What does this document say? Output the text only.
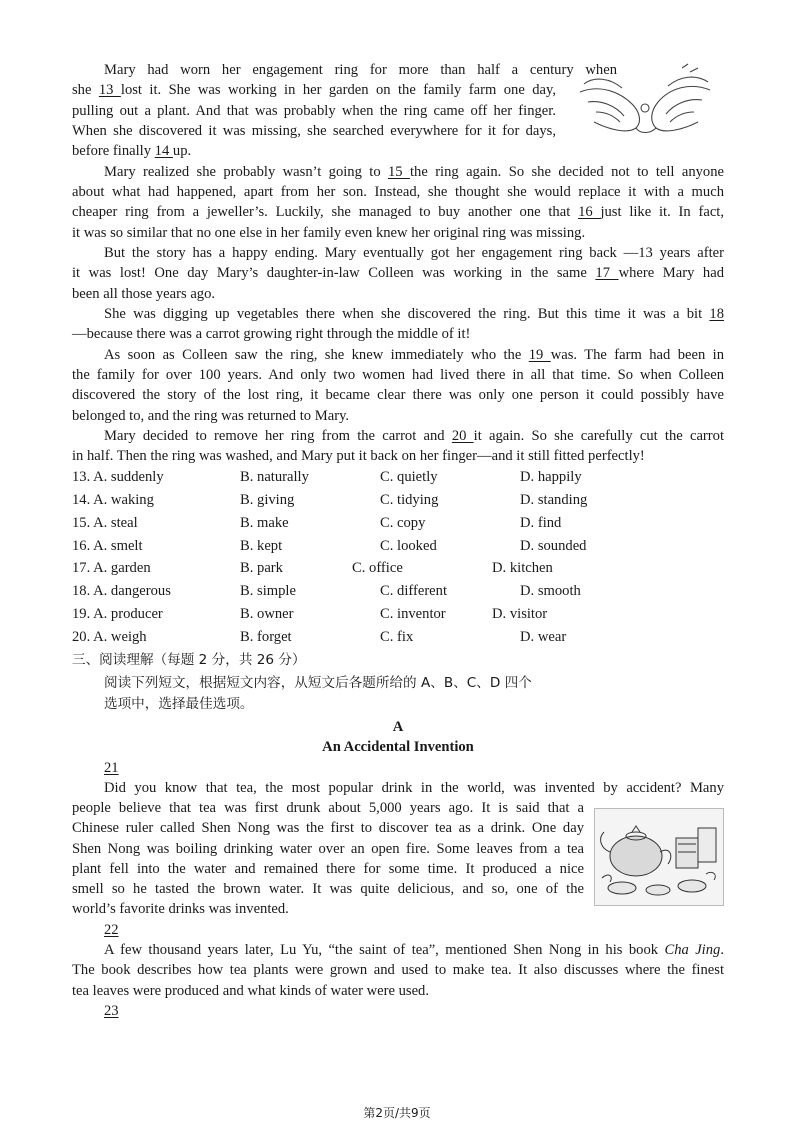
Mary had worn her engagement ring for more than half a century when
she 13 lost it. She was working in her garden on the family farm one day,
pulling out a plant. And that was probably when the ring came off her finger.
When she discovered it was missing, she searched everywhere for it for days,
before finally 14 up.
Mary realized she probably wasn’t going to 15 the ring again. So she decided not to tell anyone
about what had happened, apart from her son. Instead, she thought she would replace it with a much
cheaper ring from a jeweller’s. Luckily, she managed to buy another one that 16 just like it. In fact,
it was so similar that no one else in her family even knew her original ring was missing.
But the story has a happy ending. Mary eventually got her engagement ring back —13 years after
it was lost! One day Mary’s daughter-in-law Colleen was working in the same 17 where Mary had
been all those years ago.
She was digging up vegetables there when she discovered the ring. But this time it was a bit 18
—because there was a carrot growing right through the middle of it!
As soon as Colleen saw the ring, she knew immediately who the 19 was. The farm had been in
the family for over 100 years. And only two women had lived there in all that time. So when Colleen
discovered the story of the lost ring, it became clear there was only one person it could possibly have
belonged to, and the ring was returned to Mary.
Mary decided to remove her ring from the carrot and 20 it again. So she carefully cut the carrot
in half. Then the ring was washed, and Mary put it back on her finger—and it still fitted perfectly!
13. A. suddenly	B. naturally	C. quietly	D. happily
14. A. waking	B. giving	C. tidying	D. standing
15. A. steal	B. make	C. copy	D. find
16. A. smelt	B. kept	C. looked	D. sounded
17. A. garden	B. park	C. office	D. kitchen
18. A. dangerous	B. simple	C. different	D. smooth
19. A. producer	B. owner	C. inventor	D. visitor
20. A. weigh	B. forget	C. fix	D. wear
三、阅读理解（每题 2 分，共 26 分）
阅读下列短文，根据短文内容，从短文后各题所给的 A、B、C、D 四个
选项中，选择最佳选项。
A
An Accidental Invention
21
Did you know that tea, the most popular drink in the world, was invented by accident? Many
people believe that tea was first drunk about 5,000 years ago. It is said that a
Chinese ruler called Shen Nong was the first to discover tea as a drink. One day
Shen Nong was boiling drinking water over an open fire. Some leaves from a tea
plant fell into the water and remained there for some time. It produced a nice
smell so he tasted the brown water. It was quite delicious, and so, one of the
world’s favorite drinks was invented.
22
A few thousand years later, Lu Yu, “the saint of tea”, mentioned Shen Nong in his book Cha Jing.
The book describes how tea plants were grown and used to make tea. It also discusses where the finest
tea leaves were produced and what kinds of water were used.
23
第2页/共9页
